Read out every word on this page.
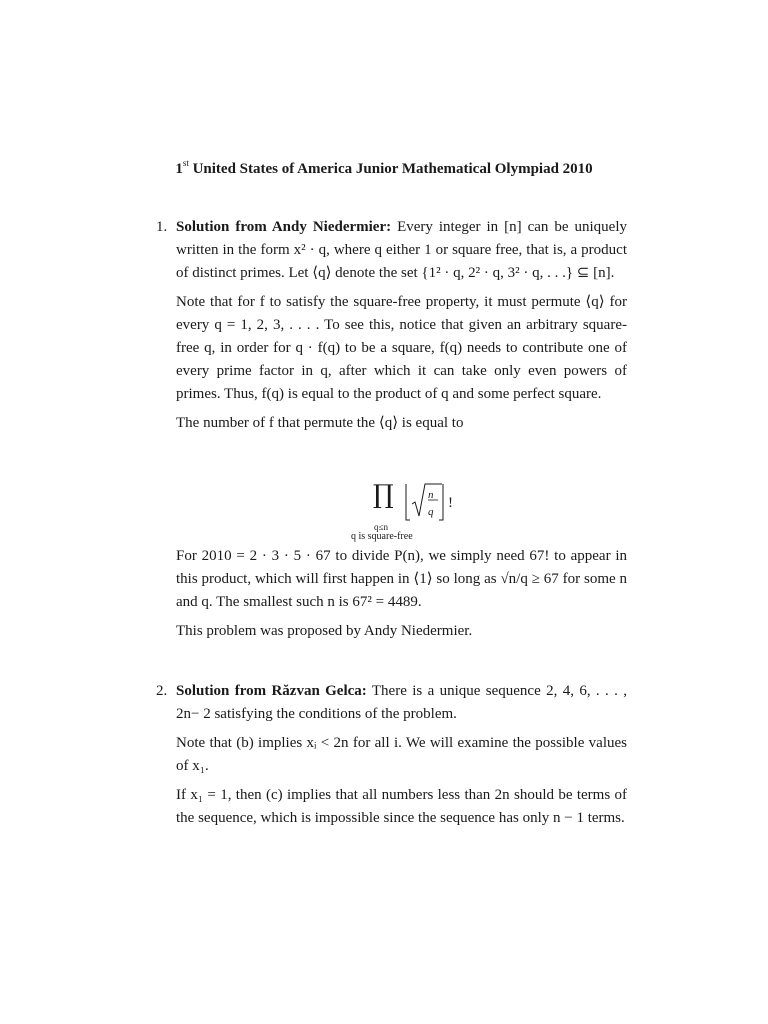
1st United States of America Junior Mathematical Olympiad 2010
1. Solution from Andy Niedermier: Every integer in [n] can be uniquely written in the form x² · q, where q either 1 or square free, that is, a product of distinct primes. Let ⟨q⟩ denote the set {1² · q, 2² · q, 3² · q, . . .} ⊆ [n].

Note that for f to satisfy the square-free property, it must permute ⟨q⟩ for every q = 1, 2, 3, . . . . To see this, notice that given an arbitrary square-free q, in order for q · f(q) to be a square, f(q) needs to contribute one of every prime factor in q, after which it can take only even powers of primes. Thus, f(q) is equal to the product of q and some perfect square.

The number of f that permute the ⟨q⟩ is equal to

∏
q≤n
q is square-free
n
q
!

For 2010 = 2 · 3 · 5 · 67 to divide P(n), we simply need 67! to appear in this product, which will first happen in ⟨1⟩ so long as √n/q ≥ 67 for some n and q. The smallest such n is 67² = 4489.

This problem was proposed by Andy Niedermier.

2. Solution from Răzvan Gelca: There is a unique sequence 2, 4, 6, . . . , 2n− 2 satisfying the conditions of the problem.

Note that (b) implies xᵢ < 2n for all i. We will examine the possible values of x₁.

If x₁ = 1, then (c) implies that all numbers less than 2n should be terms of the sequence, which is impossible since the sequence has only n − 1 terms.
